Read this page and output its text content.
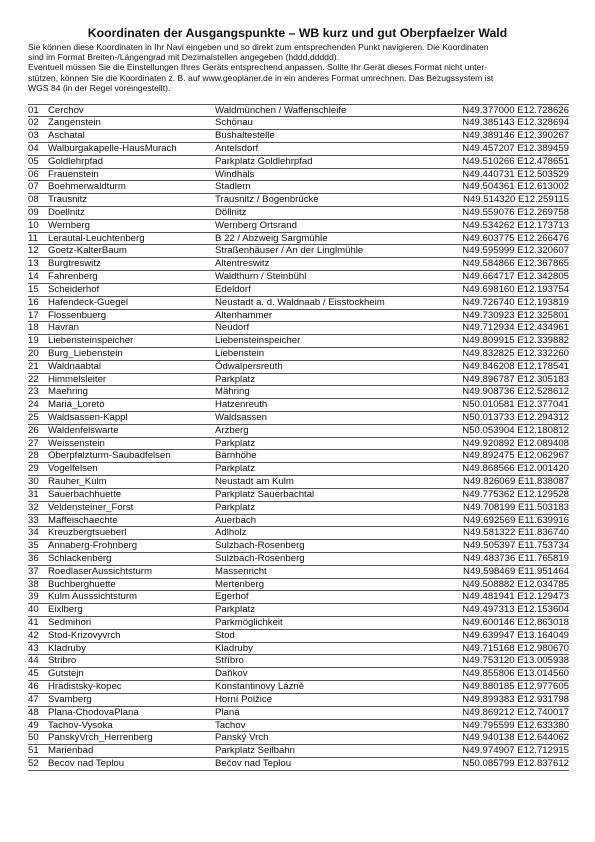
Koordinaten der Ausgangspunkte – WB kurz und gut Oberpfaelzer Wald
Sie können diese Koordinaten in Ihr Navi eingeben und so direkt zum entsprechenden Punkt navigieren. Die Koordinaten
sind im Format Breiten-/Längengrad mit Dezimalstellen angegeben (hddd.ddddd).
Eventuell müssen Sie die Einstellungen Ihres Geräts entsprechend anpassen. Sollte Ihr Gerät dieses Format nicht unter-
stützen, können Sie die Koordinaten z. B. auf www.geoplaner.de in ein anderes Format umrechnen. Das Bezugssystem ist
WGS 84 (in der Regel voreingestellt).
01 Cerchov	Waldmünchen / Waffenschleife	N49.377000 E12.728626
02 Zangenstein	Schönau	N49.385143 E12.328694
03 Aschatal	Bushaltestelle	N49.389146 E12.390267
04 Walburgakapelle-HausMurach	Antelsdorf	N49.457207 E12.389459
05 Goldlehrpfad	Parkplatz Goldlehrpfad	N49.510266 E12.478651
06 Frauenstein	Windhals	N49.440731 E12.503529
07 Boehmerwaldturm	Stadlern	N49.504361 E12.613002
08 Trausnitz	Trausnitz / Bogenbrücke	N49.514320 E12.259115
09 Doellnitz	Döllnitz	N49.559076 E12.269758
10 Wernberg	Wernberg Ortsrand	N49.534262 E12.173713
11 Lerautal-Leuchtenberg	B 22 / Abzweig Sargmühle	N49.603775 E12.266476
12 Goetz-KalterBaum	Straßenhäuser / An der Linglmühle	N49.595999 E12.320607
13 Burgtreswitz	Altentreswitz	N49.584866 E12.367865
14 Fahrenberg	Waldthurn / Steinbühl	N49.664717 E12.342805
15 Scheiderhof	Edeldorf	N49.698160 E12.193754
16 Hafendeck-Guegel	Neustadt a. d. Waldnaab / Eisstockheim	N49.726740 E12.193819
17 Flossenbuerg	Altenhammer	N49.730923 E12.325801
18 Havran	Neudorf	N49.712934 E12.434961
19 Liebensteinspeicher	Liebensteinspeicher	N49.809915 E12.339882
20 Burg_Liebenstein	Liebenstein	N49.832825 E12.332260
21 Waldnaabtal	Ödwalpersreuth	N49.846208 E12.178541
22 Himmelsleiter	Parkplatz	N49.896787 E12.305183
23 Maehring	Mähring	N49.908736 E12.528612
24 Maria_Loreto	Hatzenreuth	N50.010581 E12.377041
25 Waldsassen-Kappl	Waldsassen	N50.013733 E12.294312
26 Waldenfelswarte	Arzberg	N50.053904 E12.180812
27 Weissenstein	Parkplatz	N49.920892 E12.089408
28 Oberpfalzturm-Saubadfelsen	Bärnhöhe	N49.892475 E12.062967
29 Vogelfelsen	Parkplatz	N49.868566 E12.001420
30 Rauher_Kulm	Neustadt am Kulm	N49.826069 E11.838087
31 Sauerbachhuette	Parkplatz Sauerbachtal	N49.775362 E12.129528
32 Veldensteiner_Forst	Parkplatz	N49.708199 E11.503183
33 Maffeischaechte	Auerbach	N49.692569 E11.639916
34 Kreuzbergtsueberl	Adlholz	N49.581322 E11.836740
35 Annaberg-Frohnberg	Sulzbach-Rosenberg	N49.505397 E11.753734
36 Schlackenberg	Sulzbach-Rosenberg	N49.483736 E11.765819
37 RoedlaserAussichtsturm	Massenricht	N49.598469 E11.951464
38 Buchberghuette	Mertenberg	N49.508882 E12.034785
39 Kulm Ausssichtsturm	Egerhof	N49.481941 E12.129473
40 Eixlberg	Parkplatz	N49.497313 E12.153604
41 Sedmihori	Parkmöglichkeit	N49.600146 E12.863018
42 Stod-Krizovyvrch	Stod	N49.639947 E13.164049
43 Kladruby	Kladruby	N49.715168 E12.980670
44 Stribro	Stříbro	N49.753120 E13.005938
45 Gutstejn	Daňkov	N49.855806 E13.014560
46 Hradistsky-kopec	Konstantinovy Lázně	N49.880185 E12.977605
47 Svamberg	Horní Polžice	N49.899383 E12.931798
48 Plana-ChodovaPlana	Planá	N49.869212 E12.740017
49 Tachov-Vysoka	Tachov	N49.795599 E12.633380
50 PanskyVrch_Herrenberg	Panský Vrch	N49.940138 E12.644062
51 Marienbad	Parkplatz Seilbahn	N49.974907 E12.712915
52 Becov nad Teplou	Bečov nad Teplou	N50.085799 E12.837612
